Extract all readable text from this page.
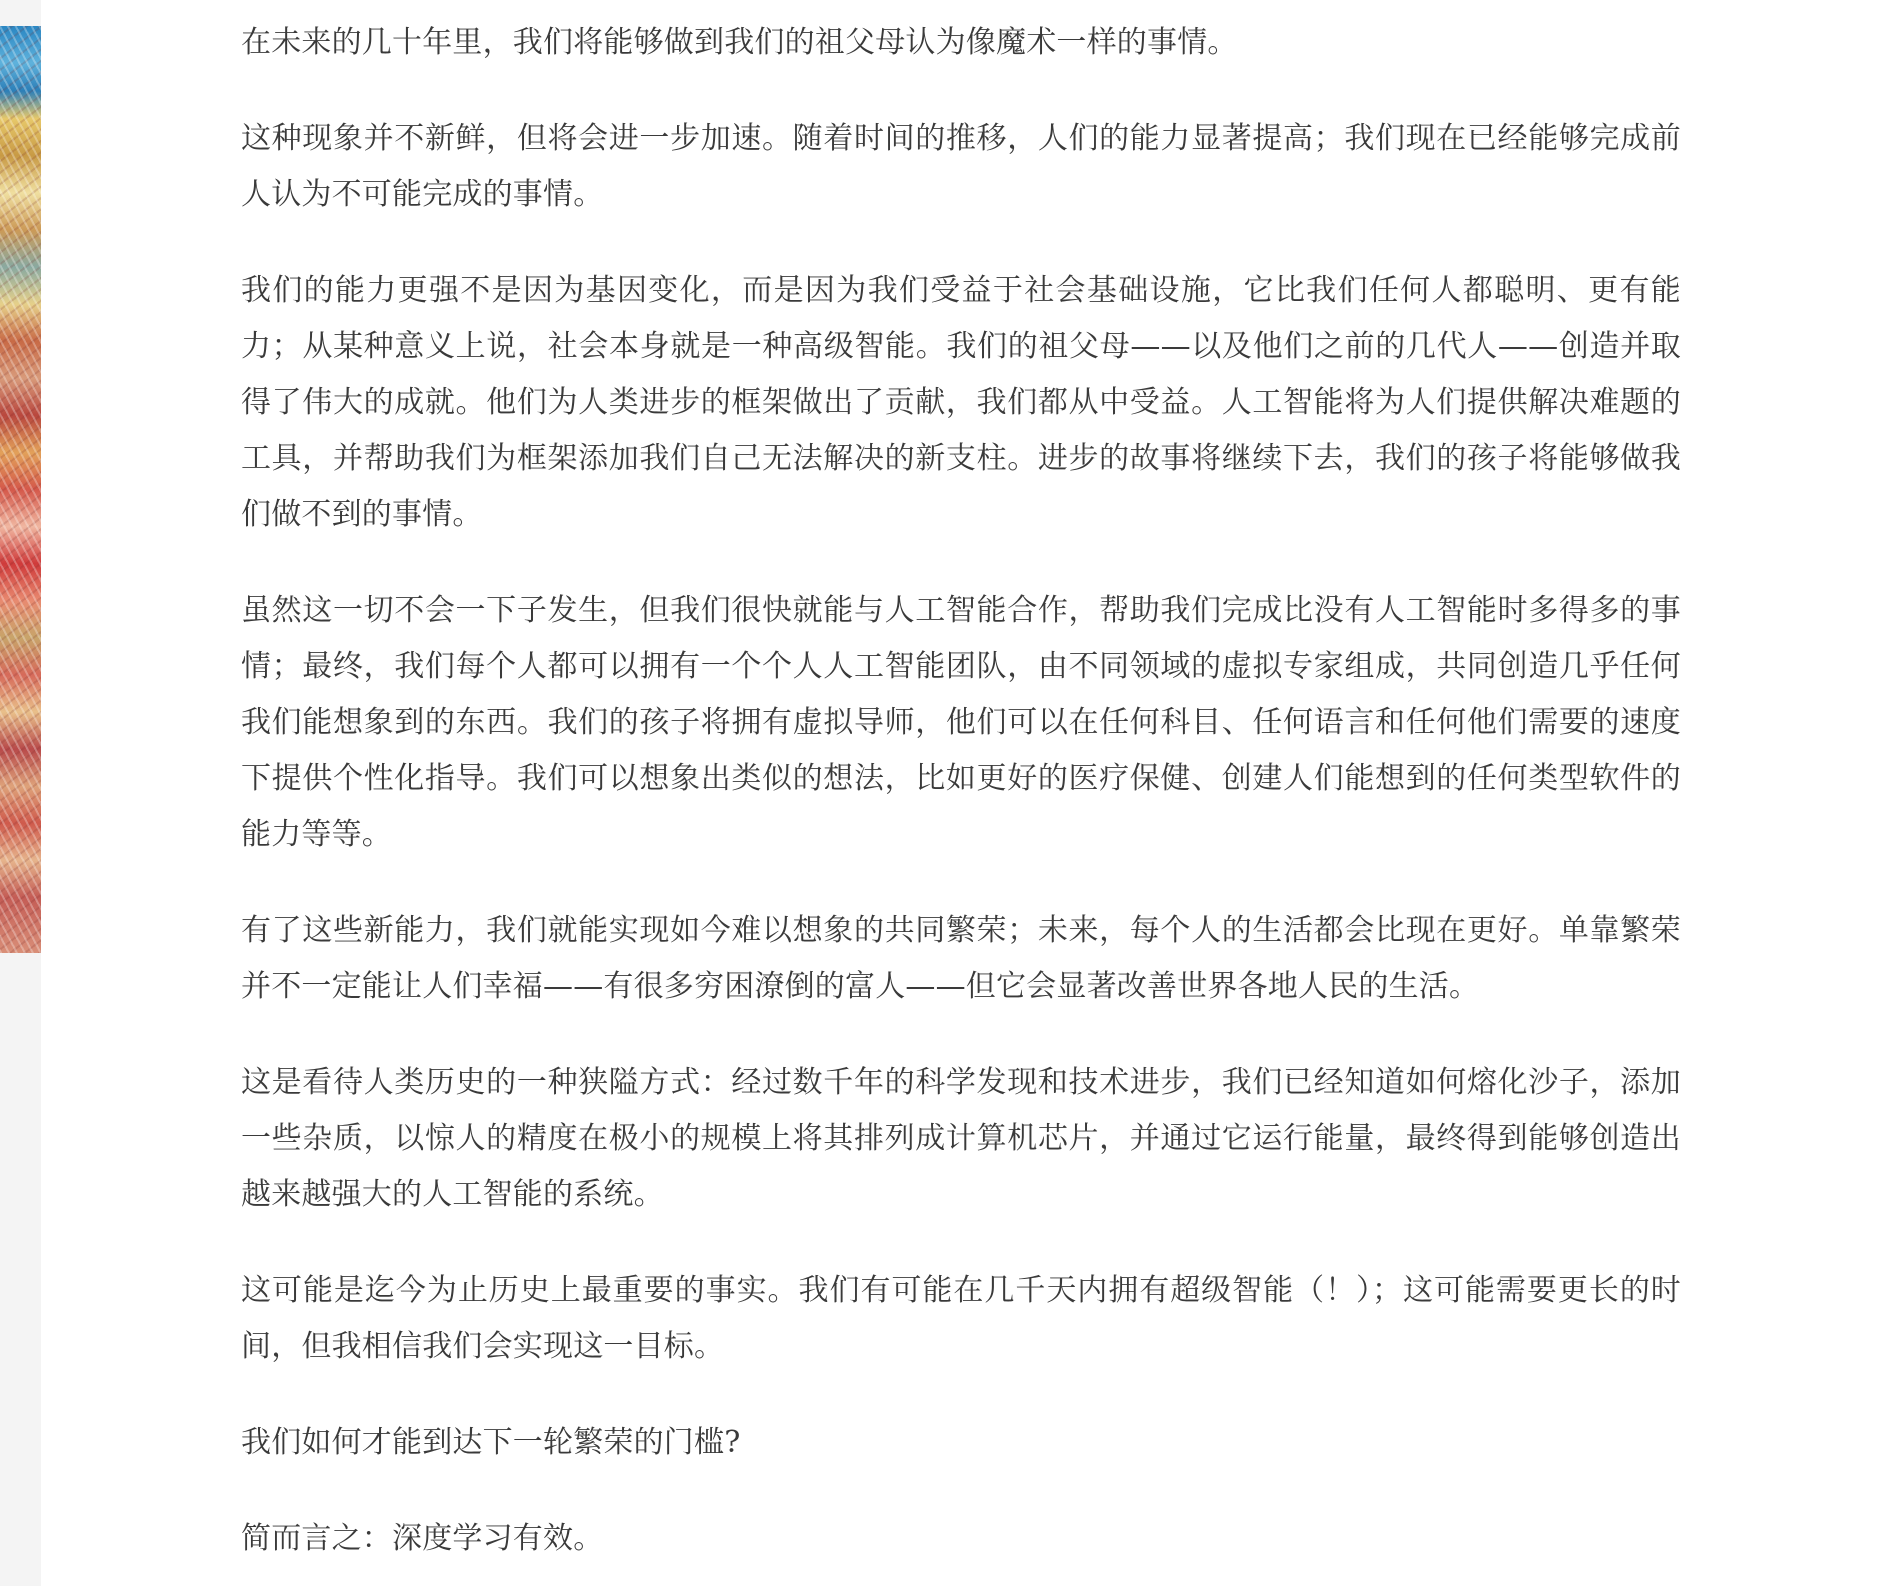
在未来的几十年里，我们将能够做到我们的祖父母认为像魔术一样的事情。

这种现象并不新鲜，但将会进一步加速。随着时间的推移，人们的能力显著提高；我们现在已经能够完成前人认为不可能完成的事情。

我们的能力更强不是因为基因变化，而是因为我们受益于社会基础设施，它比我们任何人都聪明、更有能力；从某种意义上说，社会本身就是一种高级智能。我们的祖父母——以及他们之前的几代人——创造并取得了伟大的成就。他们为人类进步的框架做出了贡献，我们都从中受益。人工智能将为人们提供解决难题的工具，并帮助我们为框架添加我们自己无法解决的新支柱。进步的故事将继续下去，我们的孩子将能够做我们做不到的事情。

虽然这一切不会一下子发生，但我们很快就能与人工智能合作，帮助我们完成比没有人工智能时多得多的事情；最终，我们每个人都可以拥有一个个人人工智能团队，由不同领域的虚拟专家组成，共同创造几乎任何我们能想象到的东西。我们的孩子将拥有虚拟导师，他们可以在任何科目、任何语言和任何他们需要的速度下提供个性化指导。我们可以想象出类似的想法，比如更好的医疗保健、创建人们能想到的任何类型软件的能力等等。

有了这些新能力，我们就能实现如今难以想象的共同繁荣；未来，每个人的生活都会比现在更好。单靠繁荣并不一定能让人们幸福——有很多穷困潦倒的富人——但它会显著改善世界各地人民的生活。

这是看待人类历史的一种狭隘方式：经过数千年的科学发现和技术进步，我们已经知道如何熔化沙子，添加一些杂质，以惊人的精度在极小的规模上将其排列成计算机芯片，并通过它运行能量，最终得到能够创造出越来越强大的人工智能的系统。

这可能是迄今为止历史上最重要的事实。我们有可能在几千天内拥有超级智能（！）；这可能需要更长的时间，但我相信我们会实现这一目标。

我们如何才能到达下一轮繁荣的门槛?

简而言之：深度学习有效。
